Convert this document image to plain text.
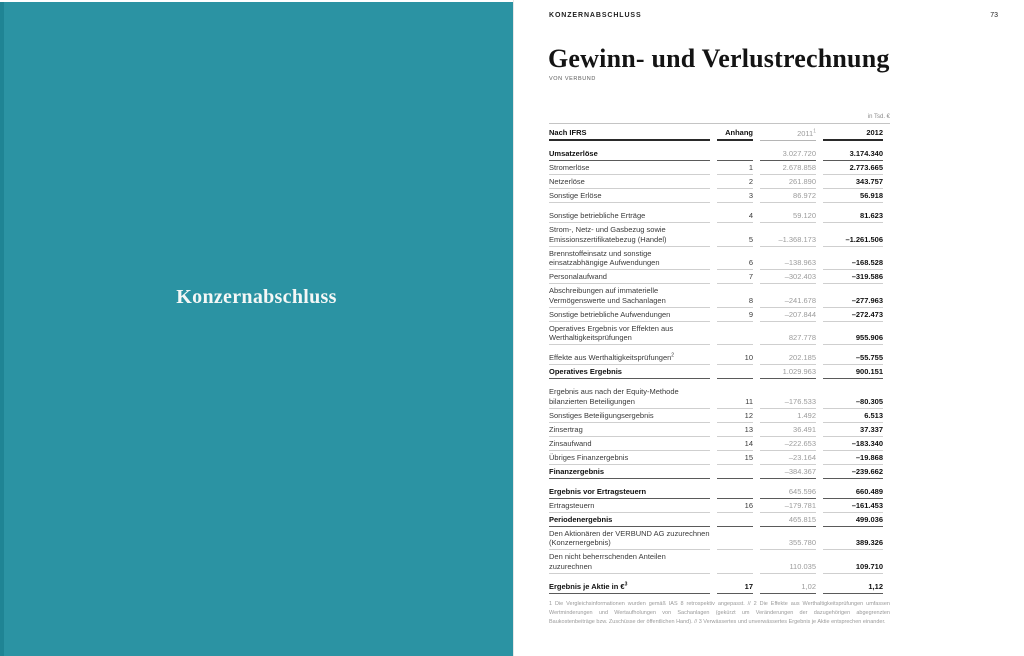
Konzernabschluss
KONZERNABSCHLUSS	73
Gewinn- und Verlustrechnung
VON VERBUND
in Tsd. €
Nach IFRS	Anhang	2011$^1$	2012

Umsatzerlöse		3.027.720	3.174.340
Stromerlöse	1	2.678.858	2.773.665
Netzerlöse	2	261.890	343.757
Sonstige Erlöse	3	86.972	56.918

Sonstige betriebliche Erträge	4	59.120	81.623
Strom-, Netz- und Gasbezug sowie Emissionszertifikatebezug (Handel)	5	–1.368.173	–1.261.506
Brennstoffeinsatz und sonstige einsatzabhängige Aufwendungen	6	–138.963	–168.528
Personalaufwand	7	–302.403	–319.586
Abschreibungen auf immaterielle Vermögenswerte und Sachanlagen	8	–241.678	–277.963
Sonstige betriebliche Aufwendungen	9	–207.844	–272.473
Operatives Ergebnis vor Effekten aus Werthaltigkeitsprüfungen		827.778	955.906

Effekte aus Werthaltigkeitsprüfungen$^2$	10	202.185	–55.755
Operatives Ergebnis		1.029.963	900.151

Ergebnis aus nach der Equity-Methode bilanzierten Beteiligungen	11	–176.533	–80.305
Sonstiges Beteiligungsergebnis	12	1.492	6.513
Zinsertrag	13	36.491	37.337
Zinsaufwand	14	–222.653	–183.340
Übriges Finanzergebnis	15	–23.164	–19.868
Finanzergebnis		–384.367	–239.662

Ergebnis vor Ertragsteuern		645.596	660.489
Ertragsteuern	16	–179.781	–161.453
Periodenergebnis		465.815	499.036
Den Aktionären der VERBUND AG zuzurechnen (Konzernergebnis)		355.780	389.326
Den nicht beherrschenden Anteilen zuzurechnen		110.035	109.710

Ergebnis je Aktie in €$^3$	17	1,02	1,12
1 Die Vergleichsinformationen wurden gemäß IAS 8 retrospektiv angepasst. // 2 Die Effekte aus Werthaltigkeitsprüfungen umfassen Wertminderungen und Wertaufholungen von Sachanlagen (gekürzt um Veränderungen der dazugehörigen abgegrenzten Baukostenbeiträge bzw. Zuschüsse der öffentlichen Hand). // 3 Verwässertes und unverwässertes Ergebnis je Aktie entsprechen einander.
